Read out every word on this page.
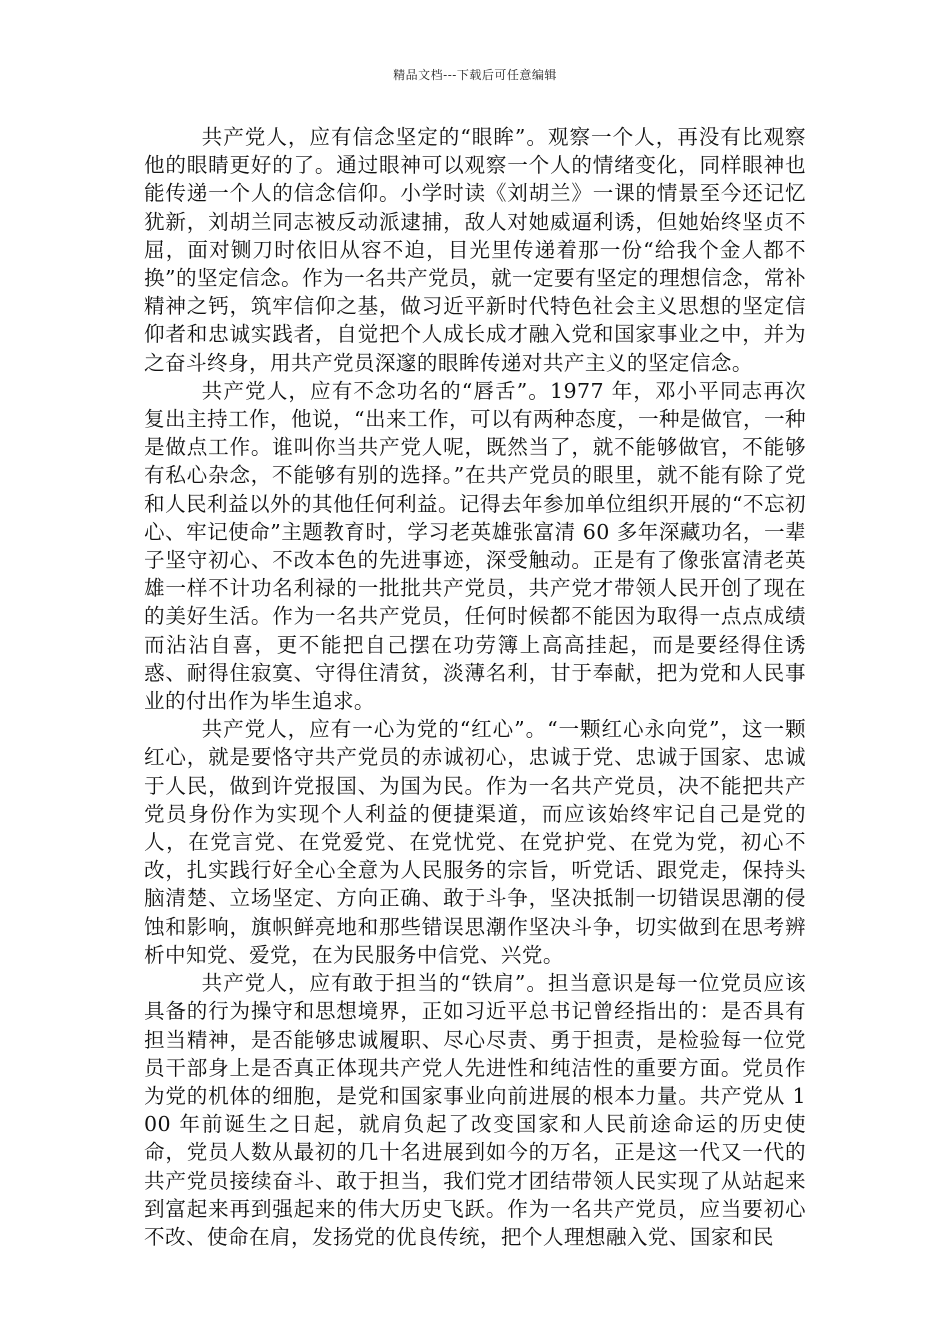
精品文档---下载后可任意编辑

共产党人，应有信念坚定的“眼眸”。观察一个人，再没有比观察他的眼睛更好的了。通过眼神可以观察一个人的情绪变化，同样眼神也能传递一个人的信念信仰。小学时读《刘胡兰》一课的情景至今还记忆犹新，刘胡兰同志被反动派逮捕，敌人对她威逼利诱，但她始终坚贞不屈，面对铡刀时依旧从容不迫，目光里传递着那一份“给我个金人都不换”的坚定信念。作为一名共产党员，就一定要有坚定的理想信念，常补精神之钙，筑牢信仰之基，做习近平新时代特色社会主义思想的坚定信仰者和忠诚实践者，自觉把个人成长成才融入党和国家事业之中，并为之奋斗终身，用共产党员深邃的眼眸传递对共产主义的坚定信念。

共产党人，应有不念功名的“唇舌”。1977 年，邓小平同志再次复出主持工作，他说，“出来工作，可以有两种态度，一种是做官，一种是做点工作。谁叫你当共产党人呢，既然当了，就不能够做官，不能够有私心杂念，不能够有别的选择。”在共产党员的眼里，就不能有除了党和人民利益以外的其他任何利益。记得去年参加单位组织开展的“不忘初心、牢记使命”主题教育时，学习老英雄张富清 60 多年深藏功名，一辈子坚守初心、不改本色的先进事迹，深受触动。正是有了像张富清老英雄一样不计功名利禄的一批批共产党员，共产党才带领人民开创了现在的美好生活。作为一名共产党员，任何时候都不能因为取得一点点成绩而沾沾自喜，更不能把自己摆在功劳簿上高高挂起，而是要经得住诱惑、耐得住寂寞、守得住清贫，淡薄名利，甘于奉献，把为党和人民事业的付出作为毕生追求。

共产党人，应有一心为党的“红心”。“一颗红心永向党”，这一颗红心，就是要恪守共产党员的赤诚初心，忠诚于党、忠诚于国家、忠诚于人民，做到许党报国、为国为民。作为一名共产党员，决不能把共产党员身份作为实现个人利益的便捷渠道，而应该始终牢记自己是党的人，在党言党、在党爱党、在党忧党、在党护党、在党为党，初心不改，扎实践行好全心全意为人民服务的宗旨，听党话、跟党走，保持头脑清楚、立场坚定、方向正确、敢于斗争，坚决抵制一切错误思潮的侵蚀和影响，旗帜鲜亮地和那些错误思潮作坚决斗争，切实做到在思考辨析中知党、爱党，在为民服务中信党、兴党。

共产党人，应有敢于担当的“铁肩”。担当意识是每一位党员应该具备的行为操守和思想境界，正如习近平总书记曾经指出的：是否具有担当精神，是否能够忠诚履职、尽心尽责、勇于担责，是检验每一位党员干部身上是否真正体现共产党人先进性和纯洁性的重要方面。党员作为党的机体的细胞，是党和国家事业向前进展的根本力量。共产党从 100 年前诞生之日起，就肩负起了改变国家和人民前途命运的历史使命，党员人数从最初的几十名进展到如今的万名，正是这一代又一代的共产党员接续奋斗、敢于担当，我们党才团结带领人民实现了从站起来到富起来再到强起来的伟大历史飞跃。作为一名共产党员，应当要初心不改、使命在肩，发扬党的优良传统，把个人理想融入党、国家和民
